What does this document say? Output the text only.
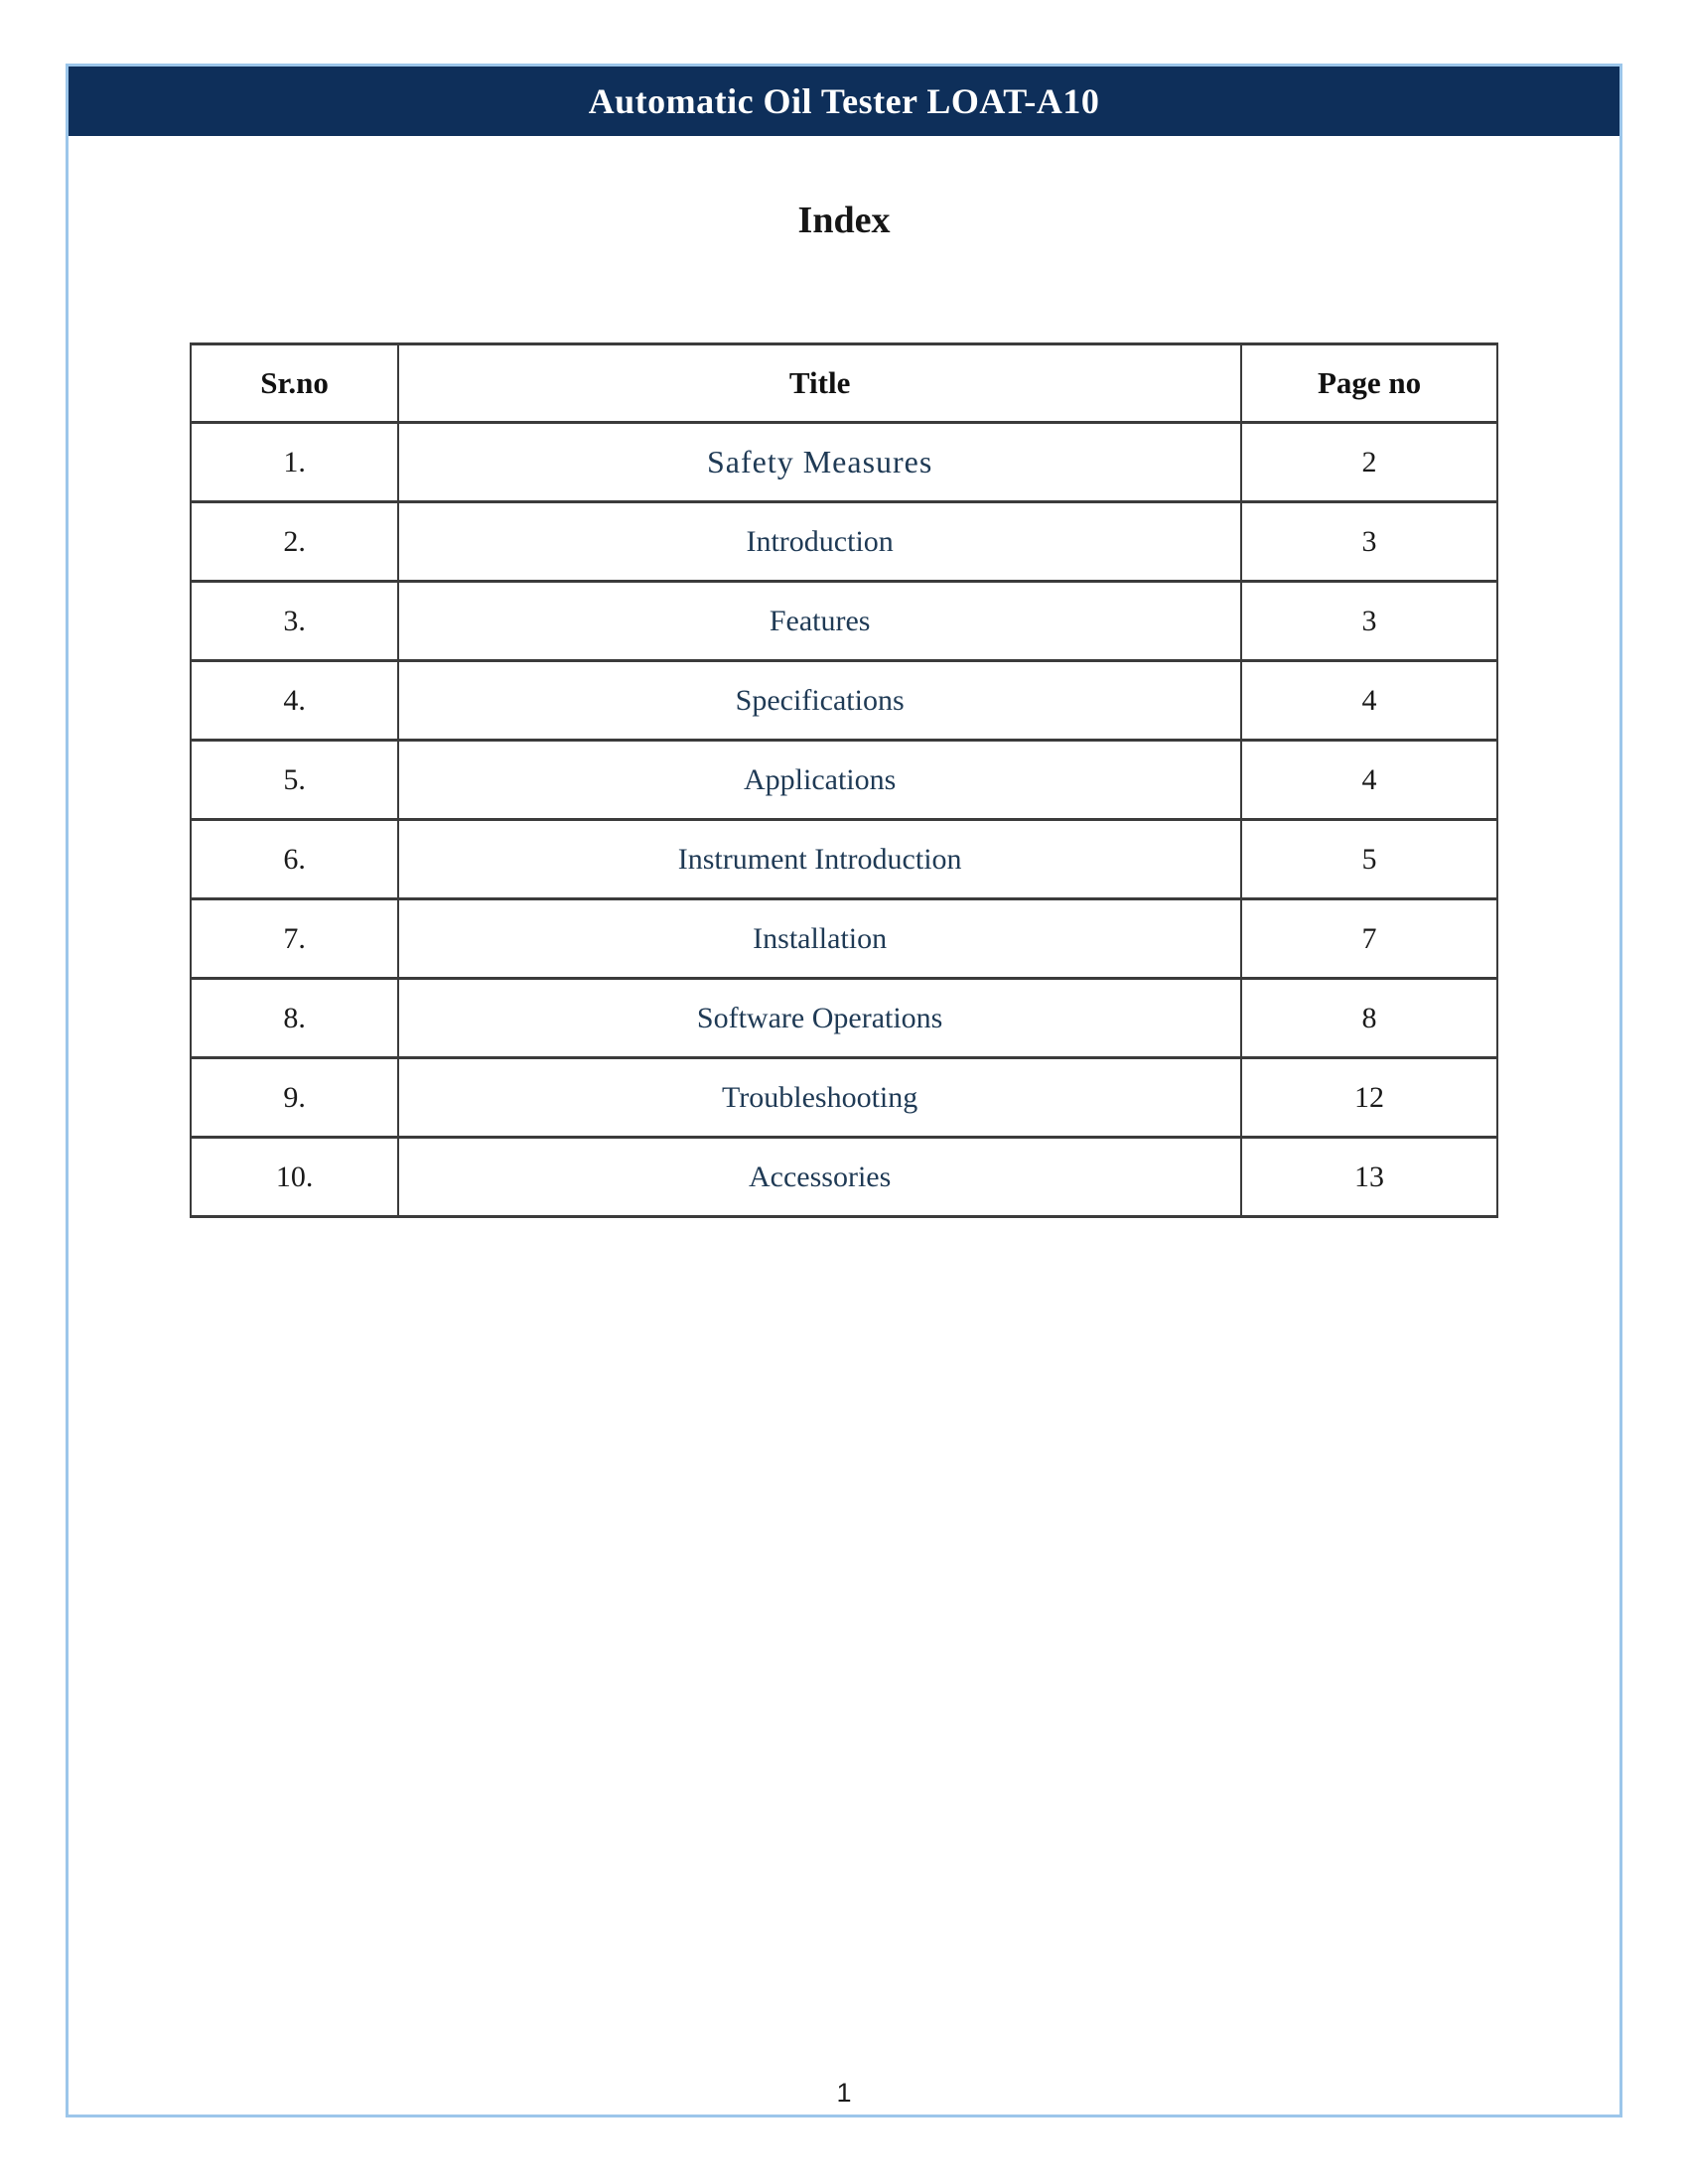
Automatic Oil Tester LOAT-A10
Index
Sr.no	Title	Page no
1.	Safety Measures	2
2.	Introduction	3
3.	Features	3
4.	Specifications	4
5.	Applications	4
6.	Instrument Introduction	5
7.	Installation	7
8.	Software Operations	8
9.	Troubleshooting	12
10.	Accessories	13
1
